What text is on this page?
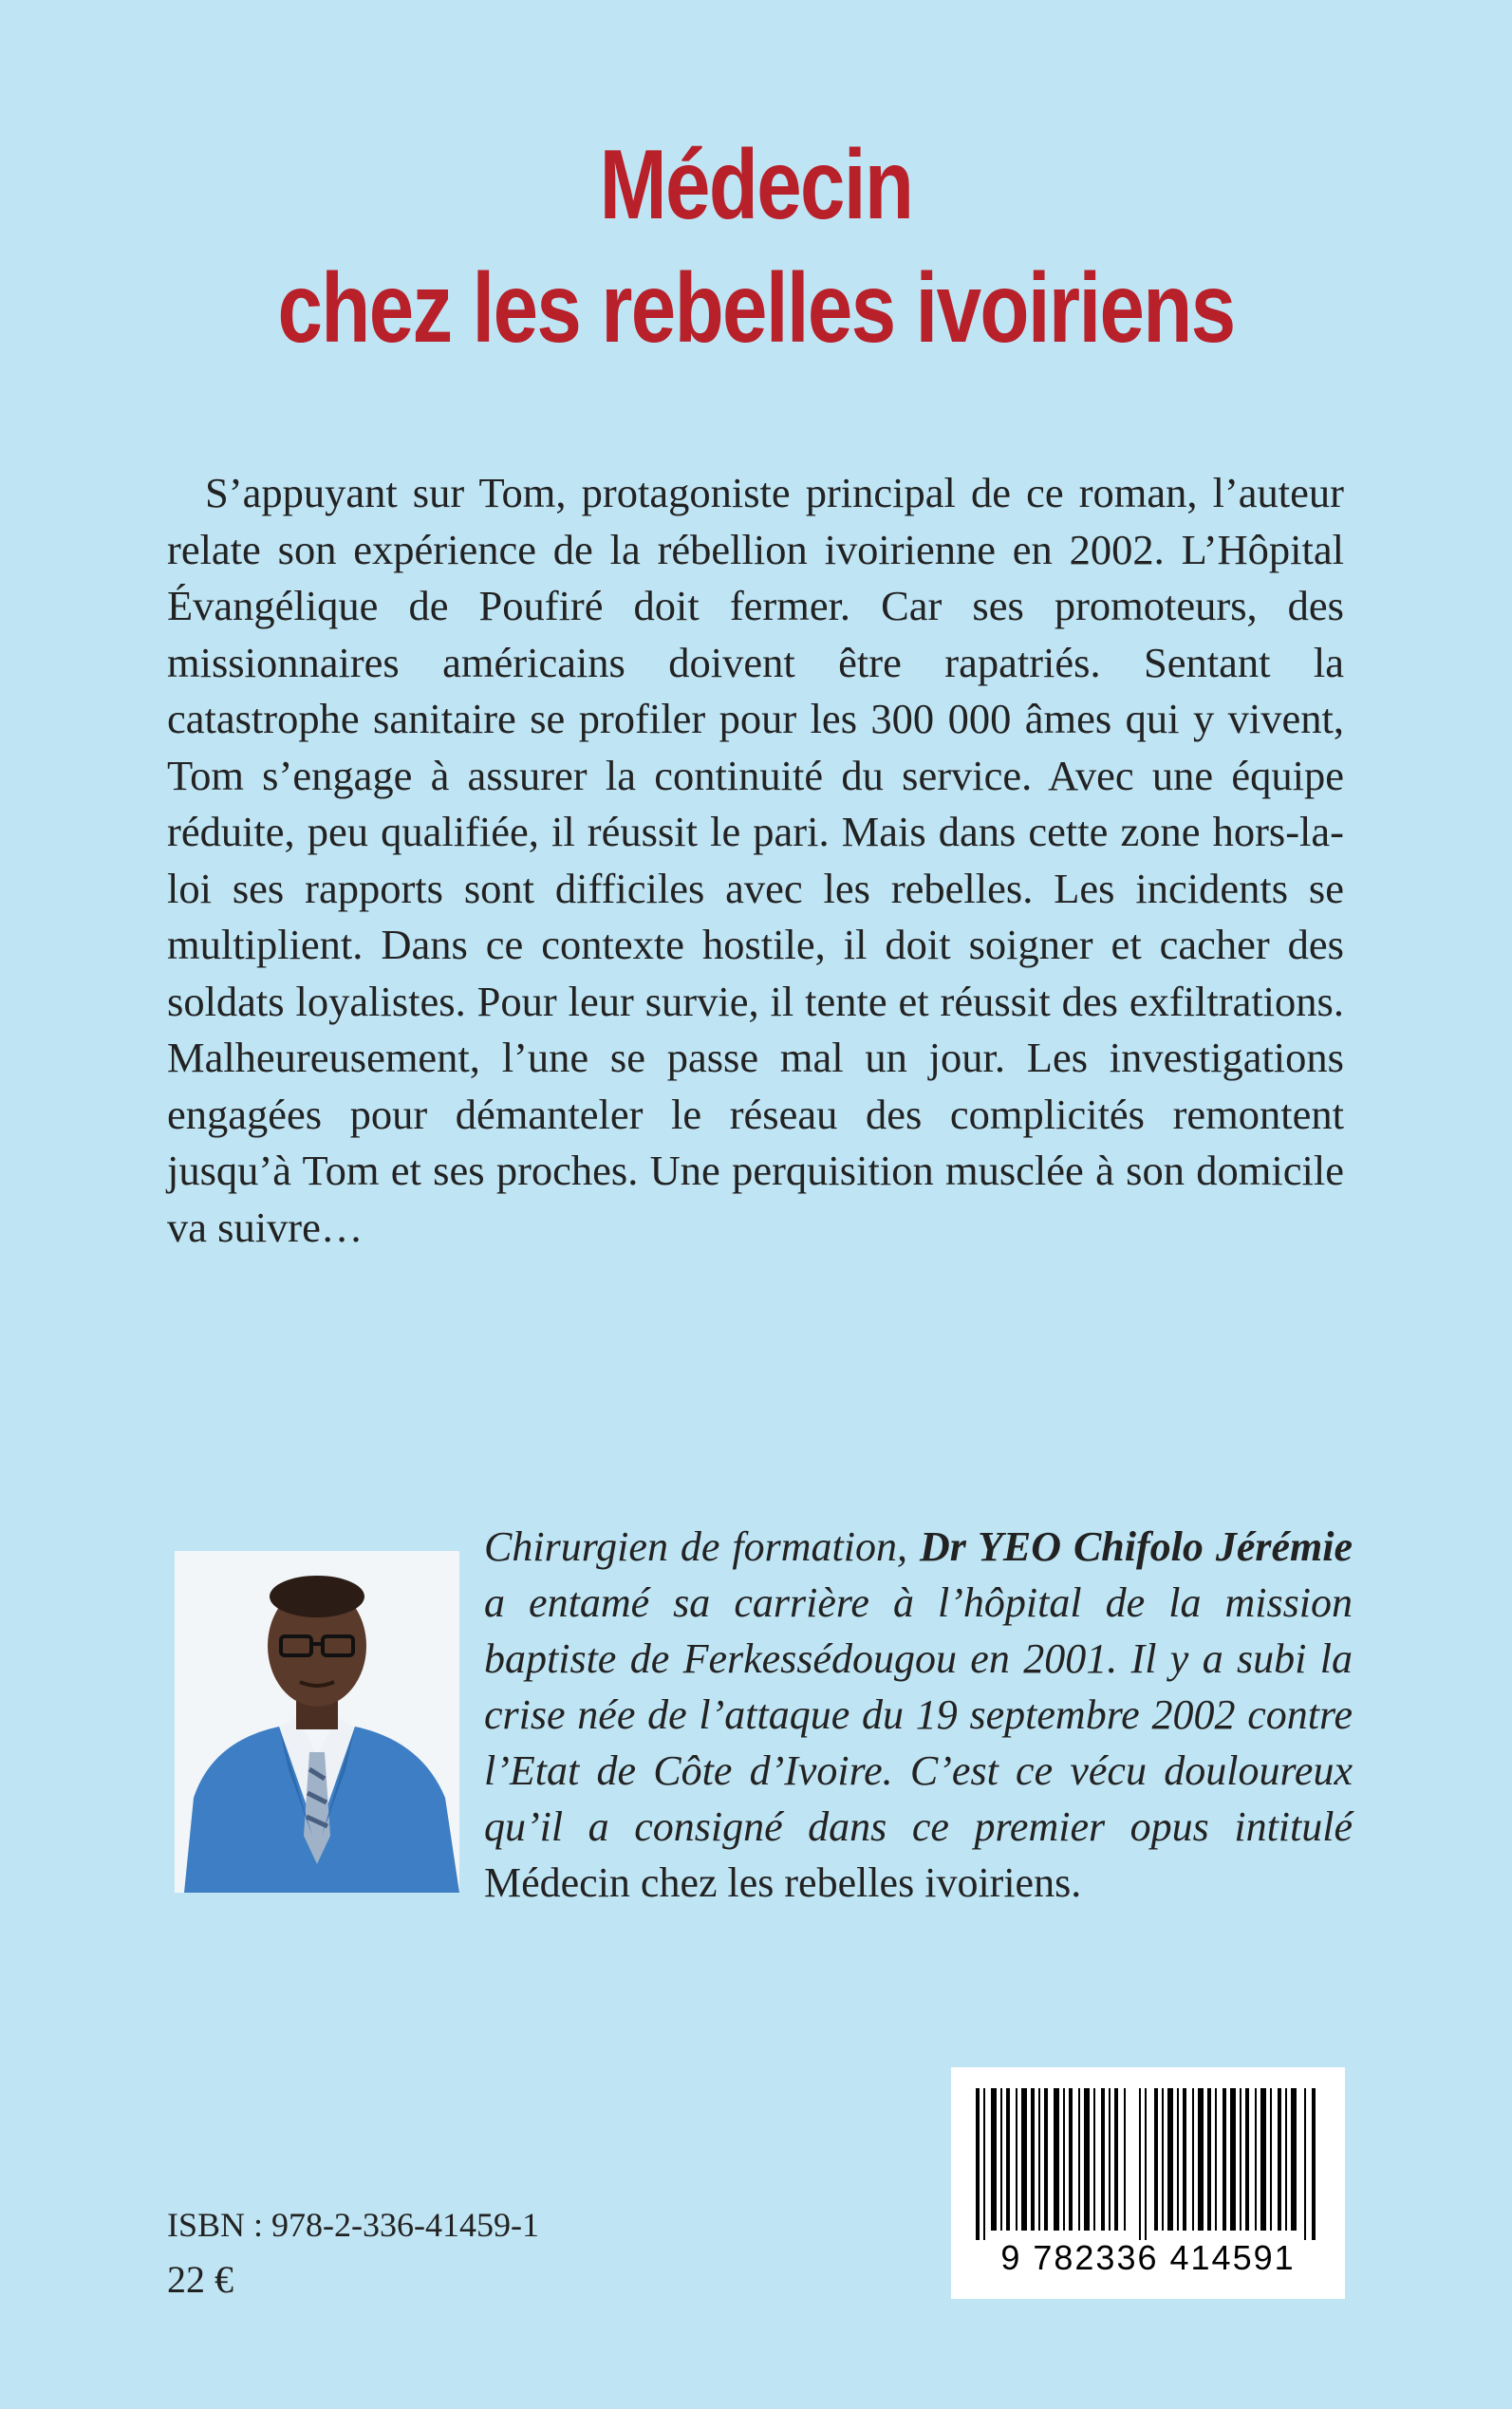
Médecin
chez les rebelles ivoiriens

S’appuyant sur Tom, protagoniste principal de ce roman, l’auteur relate son expérience de la rébellion ivoirienne en 2002. L’Hôpital Évangélique de Poufiré doit fermer. Car ses promoteurs, des missionnaires américains doivent être rapatriés. Sentant la catastrophe sanitaire se profiler pour les 300 000 âmes qui y vivent, Tom s’engage à assurer la continuité du service. Avec une équipe réduite, peu qualifiée, il réussit le pari. Mais dans cette zone hors-la-loi ses rapports sont difficiles avec les rebelles. Les incidents se multiplient. Dans ce contexte hostile, il doit soigner et cacher des soldats loyalistes. Pour leur survie, il tente et réussit des exfiltrations. Malheureusement, l’une se passe mal un jour. Les investigations engagées pour démanteler le réseau des complicités remontent jusqu’à Tom et ses proches. Une perquisition musclée à son domicile va suivre…

Chirurgien de formation, Dr YEO Chifolo Jérémie a entamé sa carrière à l’hôpital de la mission baptiste de Ferkessédougou en 2001. Il y a subi la crise née de l’attaque du 19 septembre 2002 contre l’Etat de Côte d’Ivoire. C’est ce vécu douloureux qu’il a consigné dans ce premier opus intitulé Médecin chez les rebelles ivoiriens.

ISBN : 978-2-336-41459-1
22 €
9 782336 414591
